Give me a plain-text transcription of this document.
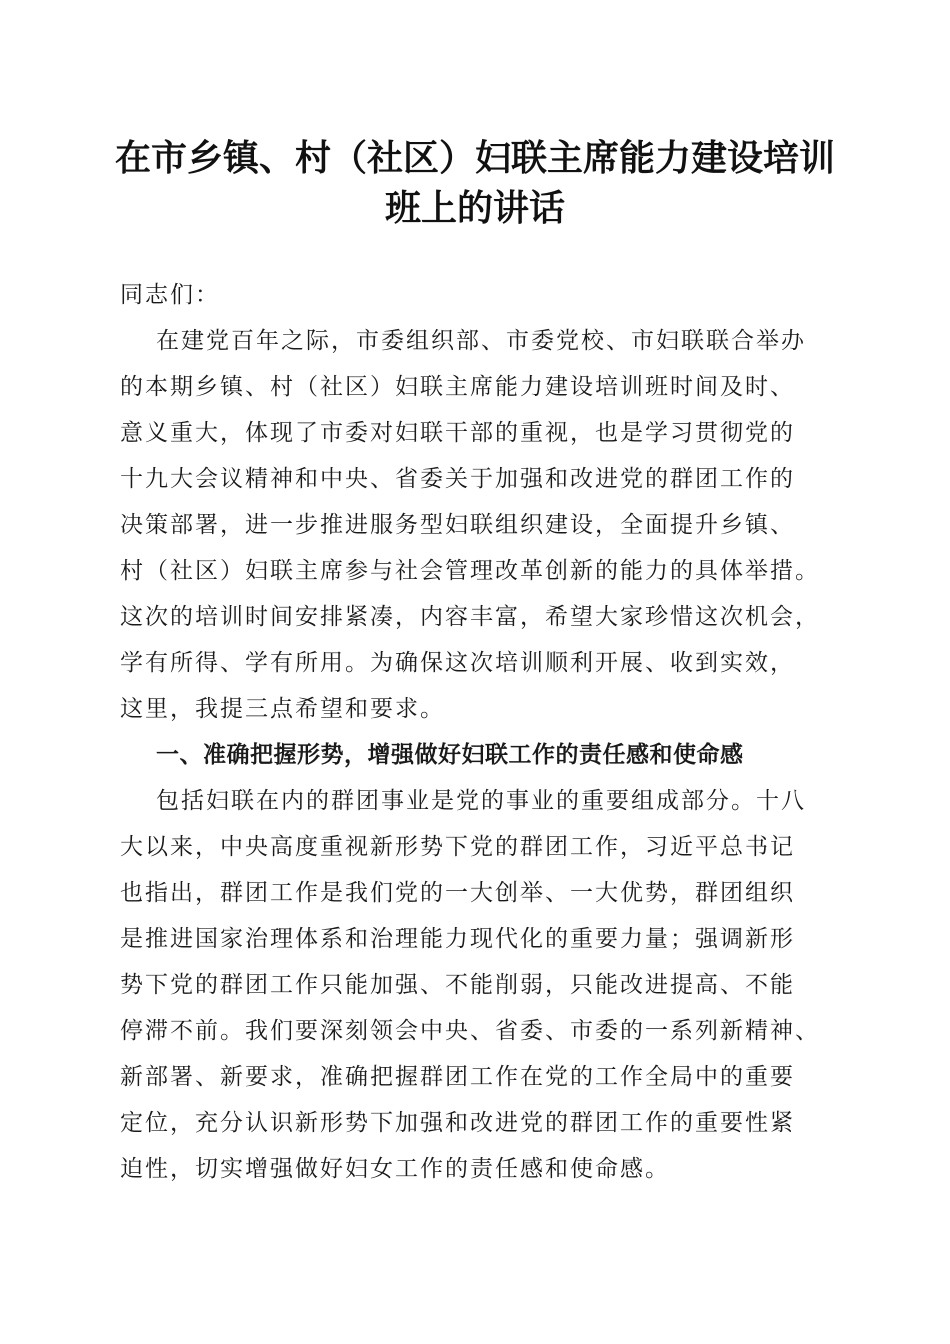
在市乡镇、村（社区）妇联主席能力建设培训
班上的讲话
同志们：
在建党百年之际，市委组织部、市委党校、市妇联联合举办
的本期乡镇、村（社区）妇联主席能力建设培训班时间及时、
意义重大，体现了市委对妇联干部的重视，也是学习贯彻党的
十九大会议精神和中央、省委关于加强和改进党的群团工作的
决策部署，进一步推进服务型妇联组织建设，全面提升乡镇、
村（社区）妇联主席参与社会管理改革创新的能力的具体举措。
这次的培训时间安排紧凑，内容丰富，希望大家珍惜这次机会，
学有所得、学有所用。为确保这次培训顺利开展、收到实效，
这里，我提三点希望和要求。
一、准确把握形势，增强做好妇联工作的责任感和使命感
包括妇联在内的群团事业是党的事业的重要组成部分。十八
大以来，中央高度重视新形势下党的群团工作，习近平总书记
也指出，群团工作是我们党的一大创举、一大优势，群团组织
是推进国家治理体系和治理能力现代化的重要力量；强调新形
势下党的群团工作只能加强、不能削弱，只能改进提高、不能
停滞不前。我们要深刻领会中央、省委、市委的一系列新精神、
新部署、新要求，准确把握群团工作在党的工作全局中的重要
定位，充分认识新形势下加强和改进党的群团工作的重要性紧
迫性，切实增强做好妇女工作的责任感和使命感。
